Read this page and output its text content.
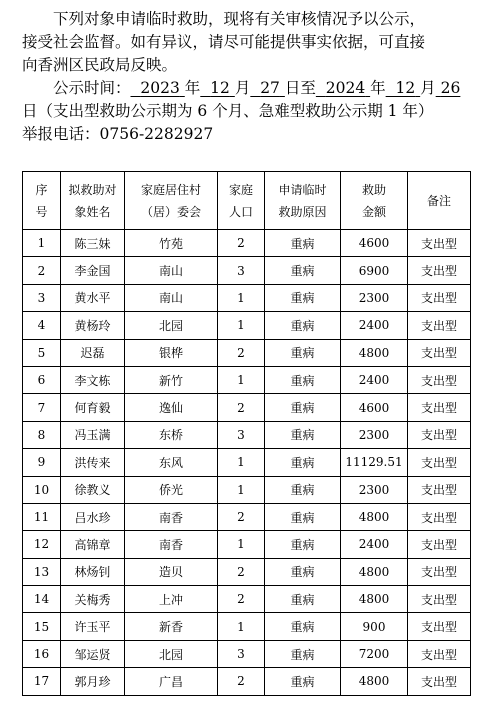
下列对象申请临时救助，现将有关审核情况予以公示，

接受社会监督。如有异议，请尽可能提供事实依据，可直接

向香洲区民政局反映。

公示时间： 2023 年 12 月 27 日至 2024 年 12 月 26

日（支出型救助公示期为 6 个月、急难型救助公示期 1 年）

举报电话：0756-2282927

序号	拟救助对象姓名	家庭居住村（居）委会	家庭人口	申请临时救助原因	救助金额	备注
1	陈三妹	竹苑	2	重病	4600	支出型
2	李金国	南山	3	重病	6900	支出型
3	黄水平	南山	1	重病	2300	支出型
4	黄杨玲	北园	1	重病	2400	支出型
5	迟磊	银桦	2	重病	4800	支出型
6	李文栋	新竹	1	重病	2400	支出型
7	何育毅	逸仙	2	重病	4600	支出型
8	冯玉满	东桥	3	重病	2300	支出型
9	洪传来	东风	1	重病	11129.51	支出型
10	徐教义	侨光	1	重病	2300	支出型
11	吕水珍	南香	2	重病	4800	支出型
12	高锦章	南香	1	重病	2400	支出型
13	林炀钊	造贝	2	重病	4800	支出型
14	关梅秀	上冲	2	重病	4800	支出型
15	许玉平	新香	1	重病	900	支出型
16	邹运贤	北园	3	重病	7200	支出型
17	郭月珍	广昌	2	重病	4800	支出型
